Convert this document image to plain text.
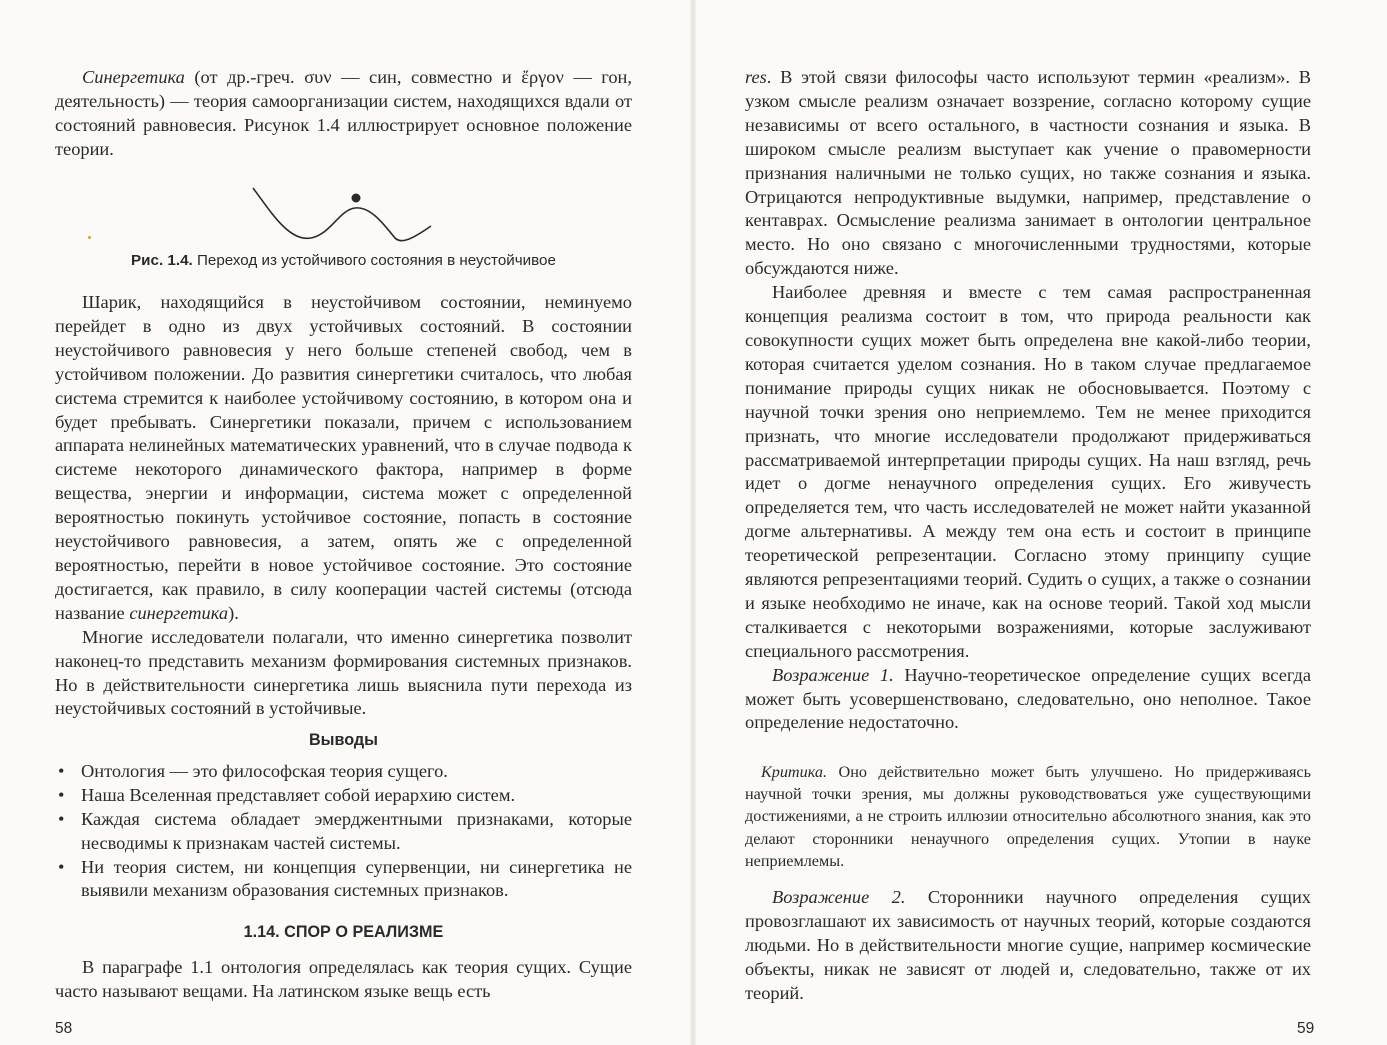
Синергетика (от др.-греч. συν — син, совместно и ἔργον — гон, деятельность) — теория самоорганизации систем, находящихся вдали от состояний равновесия. Рисунок 1.4 иллюстрирует основное положение теории.

Рис. 1.4. Переход из устойчивого состояния в неустойчивое

Шарик, находящийся в неустойчивом состоянии, неминуемо перейдет в одно из двух устойчивых состояний. В состоянии неустойчивого равновесия у него больше степеней свобод, чем в устойчивом положении. До развития синергетики считалось, что любая система стремится к наиболее устойчивому состоянию, в котором она и будет пребывать. Синергетики показали, причем с использованием аппарата нелинейных математических уравнений, что в случае подвода к системе некоторого динамического фактора, например в форме вещества, энергии и информации, система может с определенной вероятностью покинуть устойчивое состояние, попасть в состояние неустойчивого равновесия, а затем, опять же с определенной вероятностью, перейти в новое устойчивое состояние. Это состояние достигается, как правило, в силу кооперации частей системы (отсюда название синергетика).

Многие исследователи полагали, что именно синергетика позволит наконец-то представить механизм формирования системных признаков. Но в действительности синергетика лишь выяснила пути перехода из неустойчивых состояний в устойчивые.

Выводы
• Онтология — это философская теория сущего.
• Наша Вселенная представляет собой иерархию систем.
• Каждая система обладает эмерджентными признаками, которые несводимы к признакам частей системы.
• Ни теория систем, ни концепция супервенции, ни синергетика не выявили механизм образования системных признаков.
1.14. СПОР О РЕАЛИЗМЕ

В параграфе 1.1 онтология определялась как теория сущих. Сущие часто называют вещами. На латинском языке вещь есть

58

res. В этой связи философы часто используют термин «реализм». В узком смысле реализм означает воззрение, согласно которому сущие независимы от всего остального, в частности сознания и языка. В широком смысле реализм выступает как учение о правомерности признания наличными не только сущих, но также сознания и языка. Отрицаются непродуктивные выдумки, например, представление о кентаврах. Осмысление реализма занимает в онтологии центральное место. Но оно связано с многочисленными трудностями, которые обсуждаются ниже.

Наиболее древняя и вместе с тем самая распространенная концепция реализма состоит в том, что природа реальности как совокупности сущих может быть определена вне какой-либо теории, которая считается уделом сознания. Но в таком случае предлагаемое понимание природы сущих никак не обосновывается. Поэтому с научной точки зрения оно неприемлемо. Тем не менее приходится признать, что многие исследователи продолжают придерживаться рассматриваемой интерпретации природы сущих. На наш взгляд, речь идет о догме ненаучного определения сущих. Его живучесть определяется тем, что часть исследователей не может найти указанной догме альтернативы. А между тем она есть и состоит в принципе теоретической репрезентации. Согласно этому принципу сущие являются репрезентациями теорий. Судить о сущих, а также о сознании и языке необходимо не иначе, как на основе теорий. Такой ход мысли сталкивается с некоторыми возражениями, которые заслуживают специального рассмотрения.

Возражение 1. Научно-теоретическое определение сущих всегда может быть усовершенствовано, следовательно, оно неполное. Такое определение недостаточно.

Критика. Оно действительно может быть улучшено. Но придерживаясь научной точки зрения, мы должны руководствоваться уже существующими достижениями, а не строить иллюзии относительно абсолютного знания, как это делают сторонники ненаучного определения сущих. Утопии в науке неприемлемы.

Возражение 2. Сторонники научного определения сущих провозглашают их зависимость от научных теорий, которые создаются людьми. Но в действительности многие сущие, например космические объекты, никак не зависят от людей и, следовательно, также от их теорий.

59
